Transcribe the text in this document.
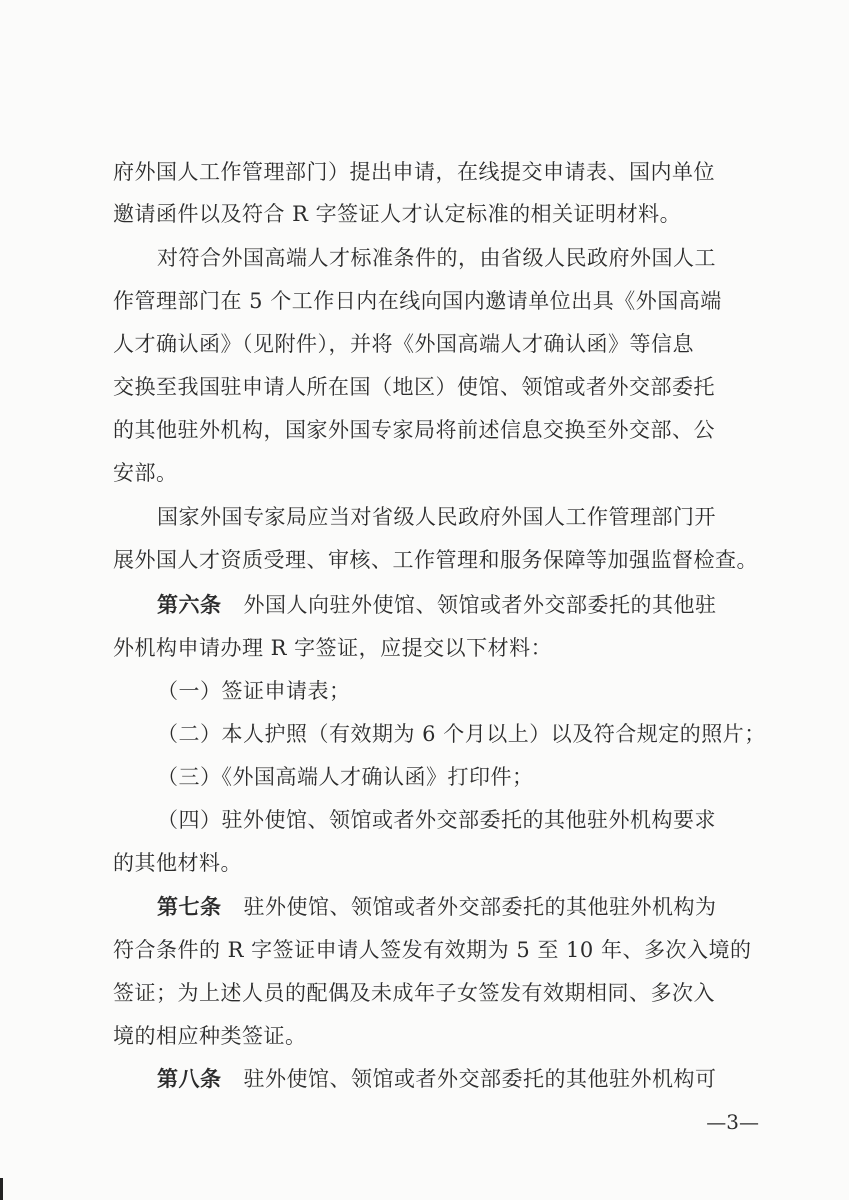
府外国人工作管理部门）提出申请，在线提交申请表、国内单位
邀请函件以及符合 R 字签证人才认定标准的相关证明材料。
对符合外国高端人才标准条件的，由省级人民政府外国人工
作管理部门在 5 个工作日内在线向国内邀请单位出具《外国高端
人才确认函》（见附件），并将《外国高端人才确认函》等信息
交换至我国驻申请人所在国（地区）使馆、领馆或者外交部委托
的其他驻外机构，国家外国专家局将前述信息交换至外交部、公
安部。
国家外国专家局应当对省级人民政府外国人工作管理部门开
展外国人才资质受理、审核、工作管理和服务保障等加强监督检查。
第六条 外国人向驻外使馆、领馆或者外交部委托的其他驻
外机构申请办理 R 字签证，应提交以下材料：
（一）签证申请表；
（二）本人护照（有效期为 6 个月以上）以及符合规定的照片；
（三）《外国高端人才确认函》打印件；
（四）驻外使馆、领馆或者外交部委托的其他驻外机构要求
的其他材料。
第七条 驻外使馆、领馆或者外交部委托的其他驻外机构为
符合条件的 R 字签证申请人签发有效期为 5 至 10 年、多次入境的
签证；为上述人员的配偶及未成年子女签发有效期相同、多次入
境的相应种类签证。
第八条 驻外使馆、领馆或者外交部委托的其他驻外机构可
—3—
